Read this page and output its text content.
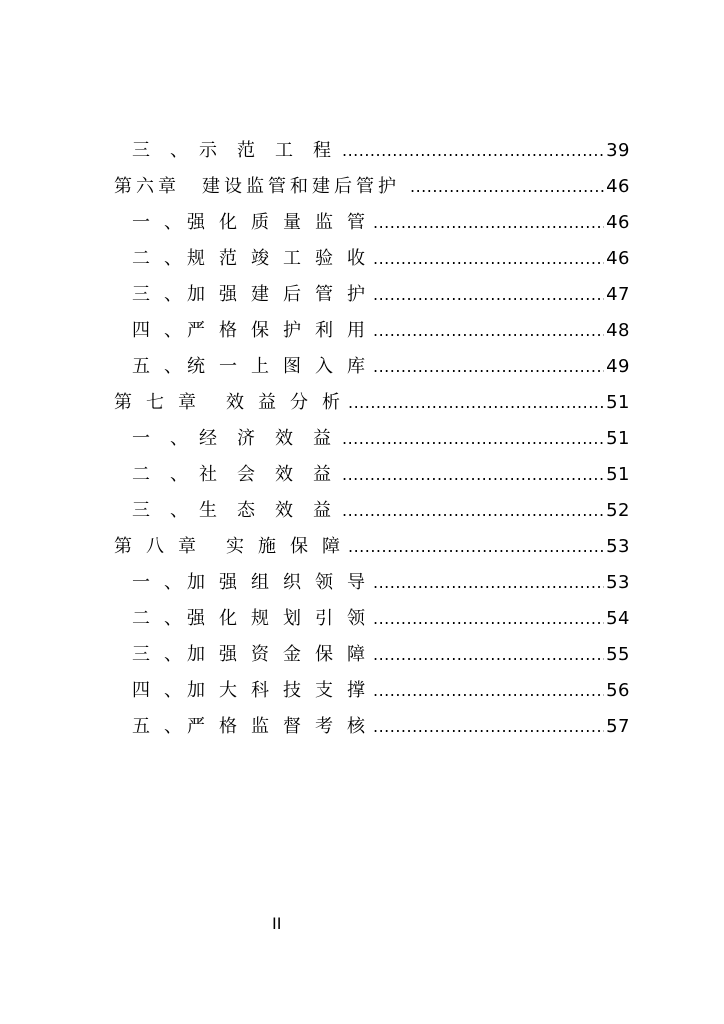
三　、　示　范　工　程 .....	39
第六章　建设监管和建后管护 .....	46
一　、　强　化　质　量　监　管 .....	46
二　、　规　范　竣　工　验　收 .....	46
三　、　加　强　建　后　管　护 .....	47
四　、　严　格　保　护　利　用 .....	48
五　、　统　一　上　图　入　库 .....	49
第　七　章　　效　益　分　析 .....	51
一　、　经　济　效　益 .....	51
二　、　社　会　效　益 .....	51
三　、　生　态　效　益 .....	52
第　八　章　　实　施　保　障 .....	53
一　、　加　强　组　织　领　导 .....	53
二　、　强　化　规　划　引　领 .....	54
三　、　加　强　资　金　保　障 .....	55
四　、　加　大　科　技　支　撑 .....	56
五　、　严　格　监　督　考　核 .....	57
II
